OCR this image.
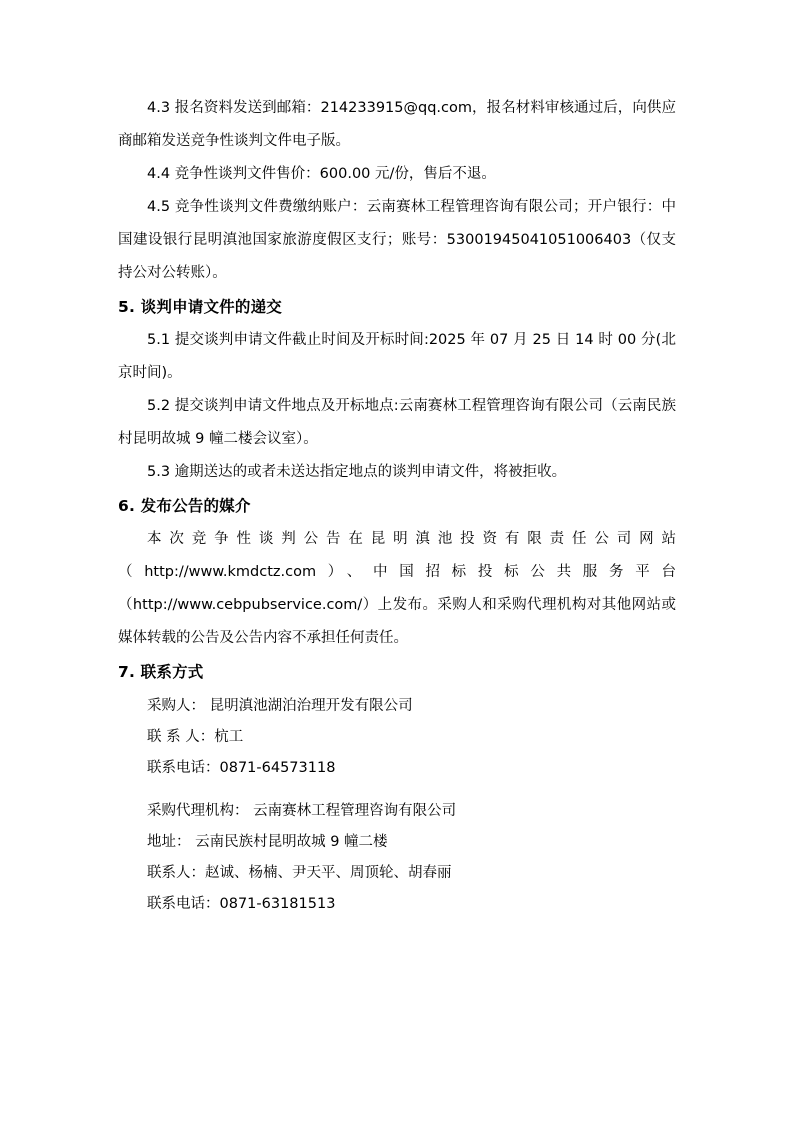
4.3 报名资料发送到邮箱：214233915@qq.com，报名材料审核通过后，向供应商邮箱发送竞争性谈判文件电子版。

4.4 竞争性谈判文件售价：600.00 元/份，售后不退。

4.5 竞争性谈判文件费缴纳账户：云南赛林工程管理咨询有限公司；开户银行：中国建设银行昆明滇池国家旅游度假区支行；账号：53001945041051006403（仅支持公对公转账）。

5. 谈判申请文件的递交

5.1 提交谈判申请文件截止时间及开标时间:2025 年 07 月 25 日 14 时 00 分(北京时间)。

5.2 提交谈判申请文件地点及开标地点:云南赛林工程管理咨询有限公司（云南民族村昆明故城 9 幢二楼会议室）。

5.3 逾期送达的或者未送达指定地点的谈判申请文件，将被拒收。

6. 发布公告的媒介

本次竞争性谈判公告在昆明滇池投资有限责任公司网站（http://www.kmdctz.com）、中国招标投标公共服务平台（http://www.cebpubservice.com/）上发布。采购人和采购代理机构对其他网站或媒体转载的公告及公告内容不承担任何责任。

7. 联系方式

采购人： 昆明滇池湖泊治理开发有限公司

联 系 人：杭工

联系电话：0871-64573118

采购代理机构： 云南赛林工程管理咨询有限公司

地址： 云南民族村昆明故城 9 幢二楼

联系人：赵诚、杨楠、尹天平、周顶轮、胡春丽

联系电话：0871-63181513
